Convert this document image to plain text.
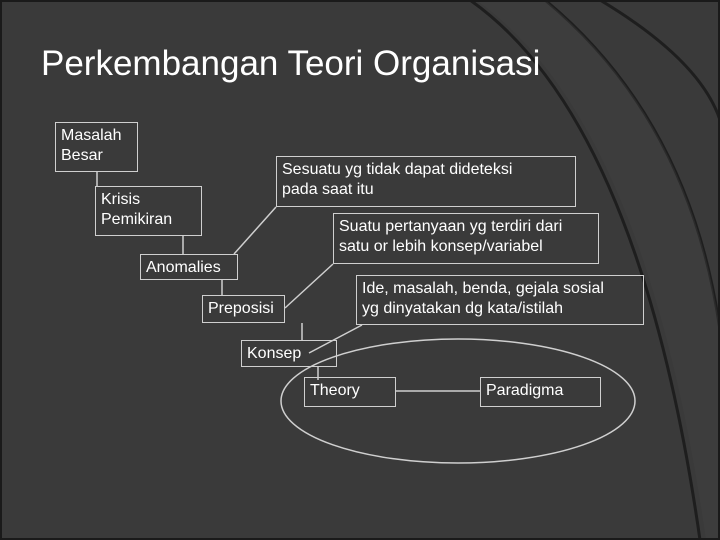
Perkembangan Teori Organisasi
Masalah
Besar
Krisis
Pemikiran
Anomalies
Preposisi
Konsep
Theory	Paradigma
Sesuatu yg tidak dapat dideteksi
pada saat itu
Suatu pertanyaan yg terdiri dari
satu or lebih konsep/variabel
Ide, masalah, benda, gejala sosial
yg dinyatakan dg kata/istilah
